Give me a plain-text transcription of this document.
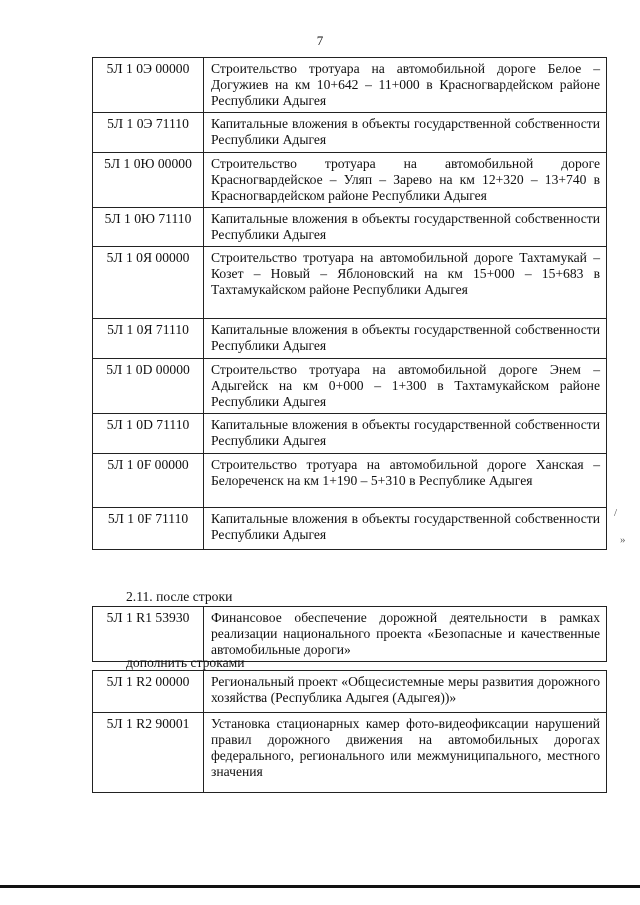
7
5Л 1 0Э 00000	Строительство тротуара на автомобильной дороге Белое – Догужиев на км 10+642 – 11+000 в Красногвардейском районе Республики Адыгея
5Л 1 0Э 71110	Капитальные вложения в объекты государственной собственности Республики Адыгея
5Л 1 0Ю 00000	Строительство тротуара на автомобильной дороге Красногвардейское – Уляп – Зарево на км 12+320 – 13+740 в Красногвардейском районе Республики Адыгея
5Л 1 0Ю 71110	Капитальные вложения в объекты государственной собственности Республики Адыгея
5Л 1 0Я 00000	Строительство тротуара на автомобильной дороге Тахтамукай – Козет – Новый – Яблоновский на км 15+000 – 15+683 в Тахтамукайском районе Республики Адыгея
5Л 1 0Я 71110	Капитальные вложения в объекты государственной собственности Республики Адыгея
5Л 1 0D 00000	Строительство тротуара на автомобильной дороге Энем – Адыгейск на км 0+000 – 1+300 в Тахтамукайском районе Республики Адыгея
5Л 1 0D 71110	Капитальные вложения в объекты государственной собственности Республики Адыгея
5Л 1 0F 00000	Строительство тротуара на автомобильной дороге Ханская – Белореченск на км 1+190 – 5+310 в Республике Адыгея
5Л 1 0F 71110	Капитальные вложения в объекты государственной собственности Республики Адыгея
/
»
2.11. после строки
5Л 1 R1 53930	Финансовое обеспечение дорожной деятельности в рамках реализации национального проекта «Безопасные и качественные автомобильные дороги»
дополнить строками
5Л 1 R2 00000	Региональный проект «Общесистемные меры развития дорожного хозяйства (Республика Адыгея (Адыгея))»
5Л 1 R2 90001	Установка стационарных камер фото-видеофиксации нарушений правил дорожного движения на автомобильных дорогах федерального, регионального или межмуниципального, местного значения
